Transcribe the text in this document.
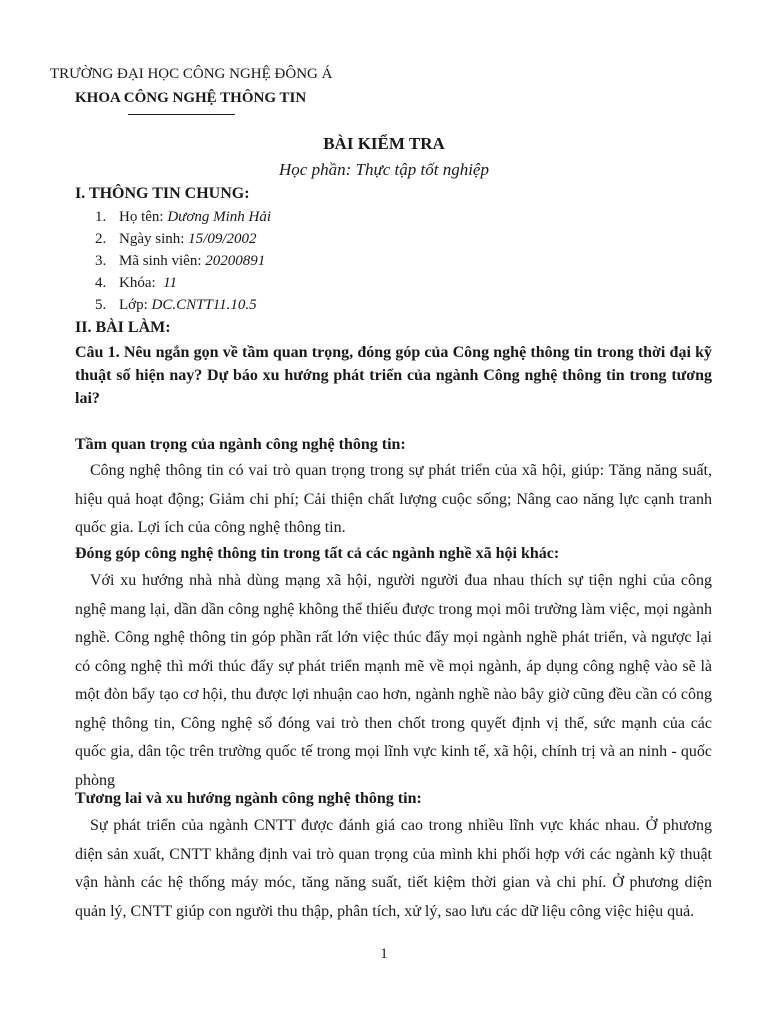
TRƯỜNG ĐẠI HỌC CÔNG NGHỆ ĐÔNG Á
KHOA CÔNG NGHỆ THÔNG TIN
BÀI KIỂM TRA
Học phần: Thực tập tốt nghiệp
I. THÔNG TIN CHUNG:
1. Họ tên: Dương Minh Hải
2. Ngày sinh: 15/09/2002
3. Mã sinh viên: 20200891
4. Khóa:  11
5. Lớp: DC.CNTT11.10.5
II. BÀI LÀM:
Câu 1. Nêu ngắn gọn về tầm quan trọng, đóng góp của Công nghệ thông tin trong thời đại kỹ thuật số hiện nay? Dự báo xu hướng phát triển của ngành Công nghệ thông tin trong tương lai?
Tầm quan trọng của ngành công nghệ thông tin:
Công nghệ thông tin có vai trò quan trọng trong sự phát triển của xã hội, giúp: Tăng năng suất, hiệu quả hoạt động; Giảm chi phí; Cải thiện chất lượng cuộc sống; Nâng cao năng lực cạnh tranh quốc gia. Lợi ích của công nghệ thông tin.
Đóng góp công nghệ thông tin trong tất cả các ngành nghề xã hội khác:
Với xu hướng nhà nhà dùng mạng xã hội, người người đua nhau thích sự tiện nghi của công nghệ mang lại, dần dần công nghệ không thể thiếu được trong mọi môi trường làm việc, mọi ngành nghề. Công nghệ thông tin góp phần rất lớn việc thúc đẩy mọi ngành nghề phát triển, và ngược lại có công nghệ thì mới thúc đẩy sự phát triển mạnh mẽ về mọi ngành, áp dụng công nghệ vào sẽ là một đòn bẩy tạo cơ hội, thu được lợi nhuận cao hơn, ngành nghề nào bây giờ cũng đều cần có công nghệ thông tin, Công nghệ số đóng vai trò then chốt trong quyết định vị thế, sức mạnh của các quốc gia, dân tộc trên trường quốc tế trong mọi lĩnh vực kinh tế, xã hội, chính trị và an ninh - quốc phòng
Tương lai và xu hướng ngành công nghệ thông tin:
Sự phát triển của ngành CNTT được đánh giá cao trong nhiều lĩnh vực khác nhau. Ở phương diện sản xuất, CNTT khẳng định vai trò quan trọng của mình khi phối hợp với các ngành kỹ thuật vận hành các hệ thống máy móc, tăng năng suất, tiết kiệm thời gian và chi phí. Ở phương diện quản lý, CNTT giúp con người thu thập, phân tích, xử lý, sao lưu các dữ liệu công việc hiệu quả.
1
